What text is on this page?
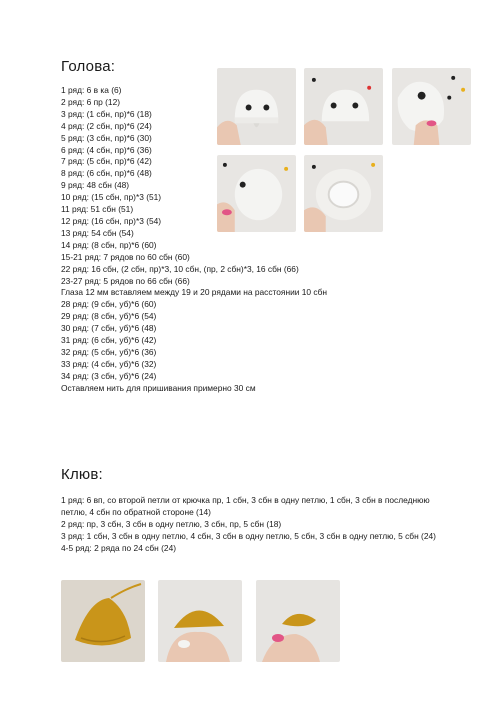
Голова:
1 ряд: 6 в ка (6)
2 ряд: 6 пр (12)
3 ряд: (1 сбн, пр)*6 (18)
4 ряд: (2 сбн, пр)*6 (24)
5 ряд: (3 сбн, пр)*6 (30)
6 ряд: (4 сбн, пр)*6 (36)
7 ряд: (5 сбн, пр)*6 (42)
8 ряд: (6 сбн, пр)*6 (48)
9 ряд: 48 сбн (48)
10 ряд: (15 сбн, пр)*3 (51)
11 ряд: 51 сбн (51)
12 ряд: (16 сбн, пр)*3 (54)
13 ряд: 54 сбн (54)
14 ряд: (8 сбн, пр)*6 (60)
15-21 ряд: 7 рядов по 60 сбн (60)
22 ряд: 16 сбн, (2 сбн, пр)*3, 10 сбн, (пр, 2 сбн)*3, 16 сбн (66)
23-27 ряд: 5 рядов по 66 сбн (66)
Глаза 12 мм вставляем между 19 и 20 рядами на расстоянии 10 сбн
28 ряд: (9 сбн, уб)*6 (60)
29 ряд: (8 сбн, уб)*6 (54)
30 ряд: (7 сбн, уб)*6 (48)
31 ряд: (6 сбн, уб)*6 (42)
32 ряд: (5 сбн, уб)*6 (36)
33 ряд: (4 сбн, уб)*6 (32)
34 ряд: (3 сбн, уб)*6 (24)
Оставляем нить для пришивания примерно 30 см
Клюв:
1 ряд: 6 вп, со второй петли от крючка пр, 1 сбн, 3 сбн в одну петлю, 1 сбн, 3 сбн в последнюю петлю, 4 сбн по обратной стороне (14)
2 ряд: пр, 3 сбн, 3 сбн в одну петлю, 3 сбн, пр, 5 сбн (18)
3 ряд: 1 сбн, 3 сбн в одну петлю, 4 сбн, 3 сбн в одну петлю, 5 сбн, 3 сбн в одну петлю, 5 сбн (24)
4-5 ряд: 2 ряда по 24 сбн (24)
